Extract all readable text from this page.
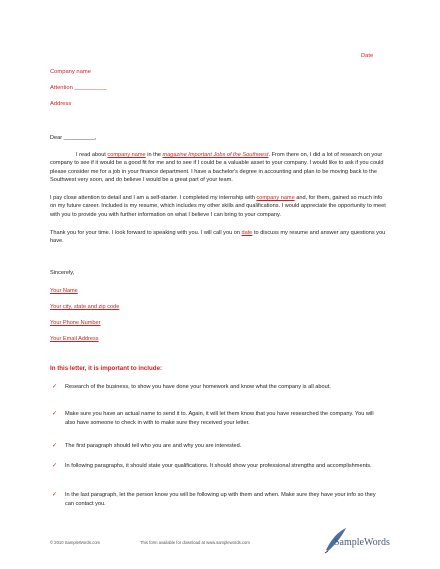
Date
Company name
Attention __________
Address
Dear __________,
I read about company name in the magazine Important Jobs of the Southwest. From there on, I did a lot of research on your company to see if it would be a good fit for me and to see if I could be a valuable asset to your company. I would like to ask if you could please consider me for a job in your finance department. I have a bachelor's degree in accounting and plan to be moving back to the Southwest very soon, and do believe I would be a great part of your team.
I pay close attention to detail and I am a self-starter. I completed my internship with company name and, for them, gained so much info on my future career. Included is my resume, which includes my other skills and qualifications. I would appreciate the opportunity to meet with you to provide you with further information on what I believe I can bring to your company.
Thank you for your time. I look forward to speaking with you. I will call you on date to discuss my resume and answer any questions you have.
Sincerely,
Your Name
Your city, state and zip code
Your Phone Number
Your Email Address
In this letter, it is important to include:
✓ Research of the business, to show you have done your homework and know what the company is all about.
✓ Make sure you have an actual name to send it to. Again, it will let them know that you have researched the company. You will also have someone to check in with to make sure they received your letter.
✓ The first paragraph should tell who you are and why you are interested.
✓ In following paragraphs, it should state your qualifications. It should show your professional strengths and accomplishments.
✓ In the last paragraph, let the person know you will be following up with them and when. Make sure they have your info so they can contact you.
© 2010 SampleWords.com	This form available for download at www.samplewords.com	SampleWords
